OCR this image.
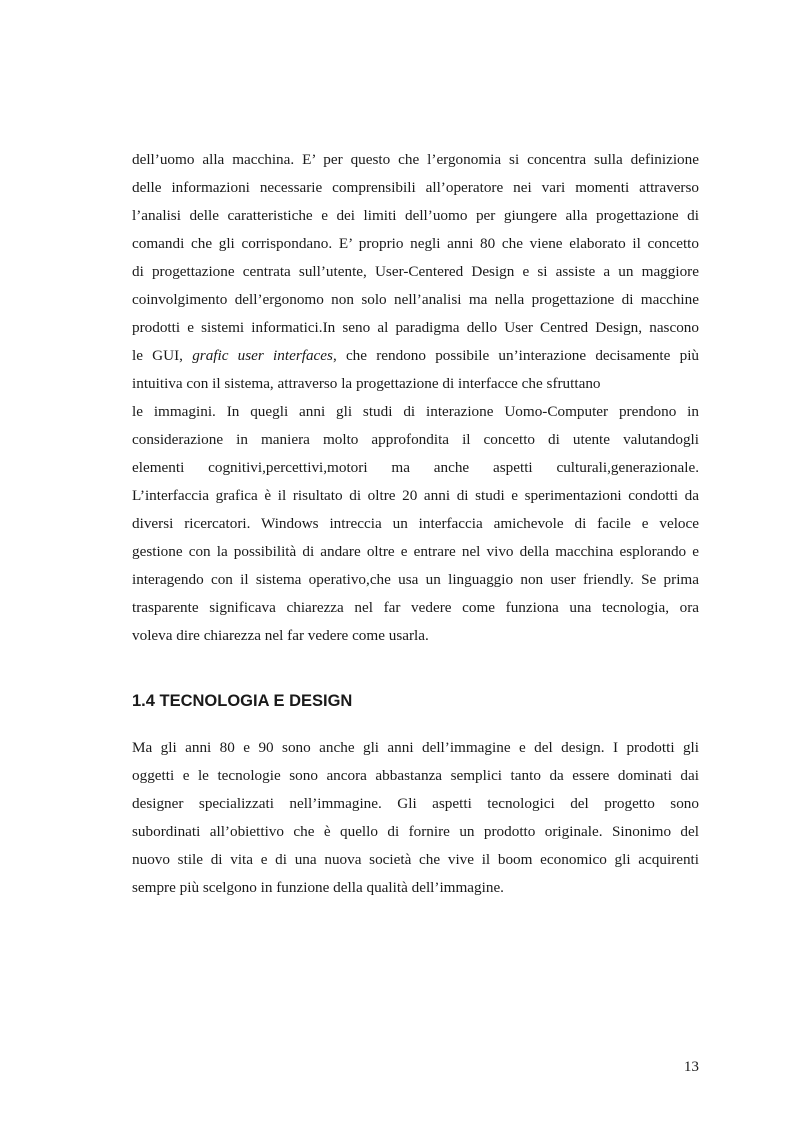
dell’uomo alla macchina. E’ per questo che l’ergonomia si concentra sulla definizione
delle informazioni necessarie comprensibili all’operatore nei vari momenti attraverso
l’analisi delle caratteristiche e dei limiti dell’uomo per giungere alla progettazione di
comandi che gli corrispondano. E’ proprio negli anni 80 che viene elaborato il concetto
di progettazione centrata sull’utente, User-Centered Design e si assiste a un maggiore
coinvolgimento dell’ergonomo non solo nell’analisi ma nella progettazione di macchine
prodotti e sistemi informatici.In seno al paradigma dello User Centred Design, nascono
le GUI, grafic user interfaces, che rendono possibile un’interazione decisamente più
intuitiva con il sistema, attraverso la progettazione di interfacce che sfruttano
le immagini. In quegli anni gli studi di interazione Uomo-Computer prendono in
considerazione in maniera molto approfondita il concetto di utente valutandogli
elementi cognitivi,percettivi,motori ma anche aspetti culturali,generazionale.
L’interfaccia grafica è il risultato di oltre 20 anni di studi e sperimentazioni condotti da
diversi ricercatori. Windows intreccia un interfaccia amichevole di facile e veloce
gestione con la possibilità di andare oltre e entrare nel vivo della macchina esplorando e
interagendo con il sistema operativo,che usa un linguaggio non user friendly. Se prima
trasparente significava chiarezza nel far vedere come funziona una tecnologia, ora
voleva dire chiarezza nel far vedere come usarla.
1.4 TECNOLOGIA E DESIGN
Ma gli anni 80 e 90 sono anche gli anni dell’immagine e del design. I prodotti gli
oggetti e le tecnologie sono ancora abbastanza semplici tanto da essere dominati dai
designer specializzati nell’immagine. Gli aspetti tecnologici del progetto sono
subordinati all’obiettivo che è quello di fornire un prodotto originale. Sinonimo del
nuovo stile di vita e di una nuova società che vive il boom economico gli acquirenti
sempre più scelgono in funzione della qualità dell’immagine.
13
